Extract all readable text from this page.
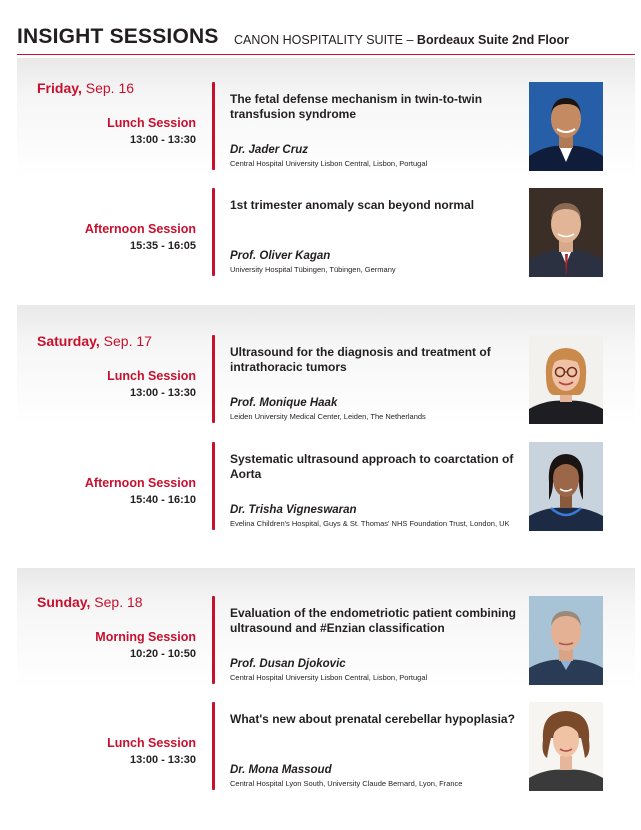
INSIGHT SESSIONS CANON HOSPITALITY SUITE – Bordeaux Suite 2nd Floor
Friday, Sep. 16
Lunch Session
13:00 - 13:30
The fetal defense mechanism in twin-to-twin transfusion syndrome
Dr. Jader Cruz
Central Hospital University Lisbon Central, Lisbon, Portugal
Afternoon Session
15:35 - 16:05
1st trimester anomaly scan beyond normal
Prof. Oliver Kagan
University Hospital Tübingen, Tübingen, Germany
Saturday, Sep. 17
Lunch Session
13:00 - 13:30
Ultrasound for the diagnosis and treatment of intrathoracic tumors
Prof. Monique Haak
Leiden University Medical Center, Leiden, The Netherlands
Afternoon Session
15:40 - 16:10
Systematic ultrasound approach to coarctation of Aorta
Dr. Trisha Vigneswaran
Evelina Children's Hospital, Guys & St. Thomas' NHS Foundation Trust, London, UK
Sunday, Sep. 18
Morning Session
10:20 - 10:50
Evaluation of the endometriotic patient combining ultrasound and #Enzian classification
Prof. Dusan Djokovic
Central Hospital University Lisbon Central, Lisbon, Portugal
Lunch Session
13:00 - 13:30
What's new about prenatal cerebellar hypoplasia?
Dr. Mona Massoud
Central Hospital Lyon South, University Claude Bernard, Lyon, France
